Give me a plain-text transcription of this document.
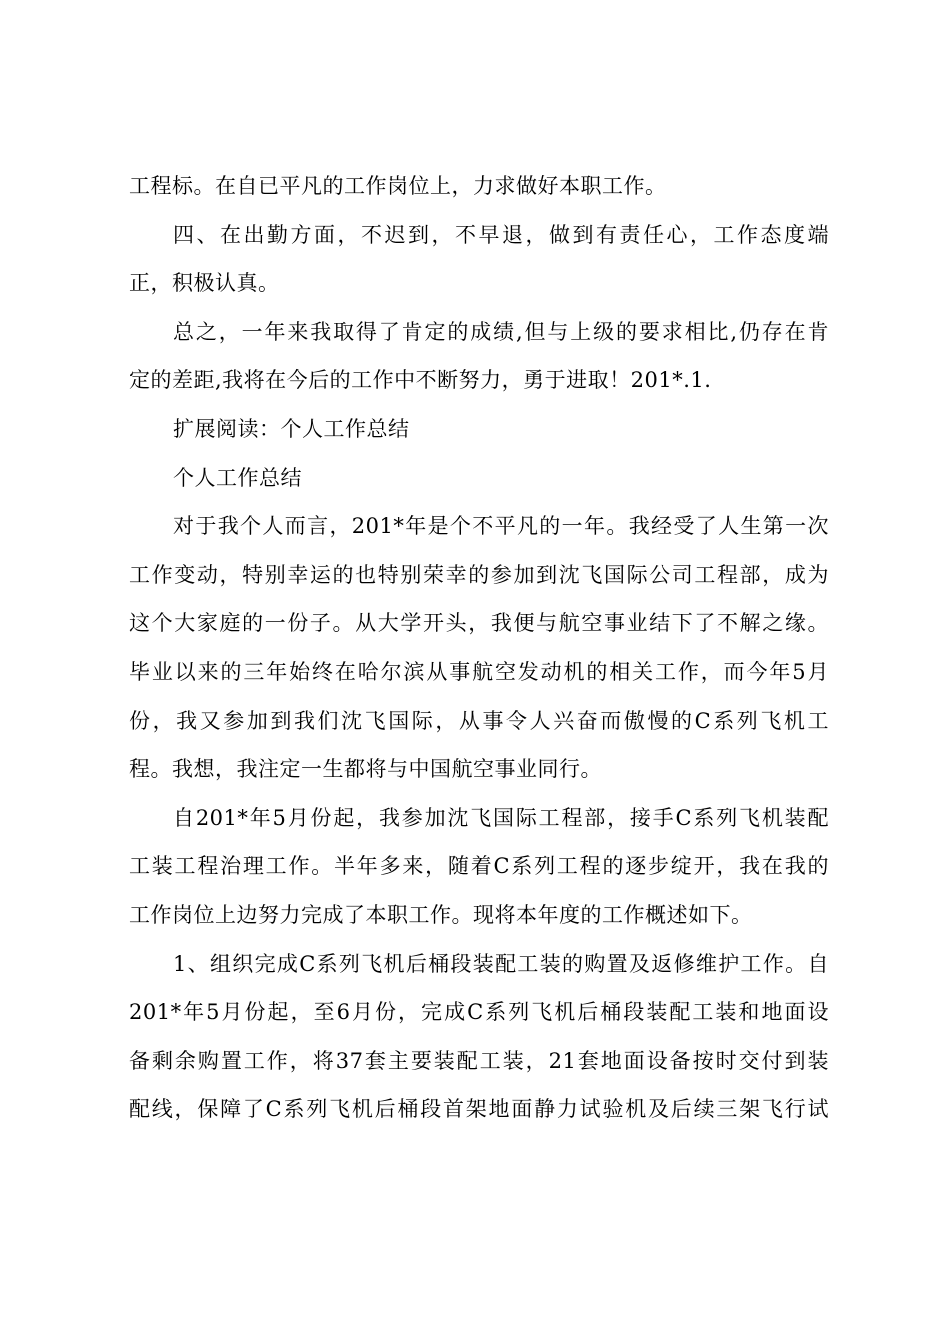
工程标。在自已平凡的工作岗位上，力求做好本职工作。
四、在出勤方面，不迟到，不早退，做到有责任心，工作态度端
正，积极认真。
总之，一年来我取得了肯定的成绩,但与上级的要求相比,仍存在肯
定的差距,我将在今后的工作中不断努力，勇于进取！201*.1.
扩展阅读：个人工作总结
个人工作总结
对于我个人而言，201*年是个不平凡的一年。我经受了人生第一次
工作变动，特别幸运的也特别荣幸的参加到沈飞国际公司工程部，成为
这个大家庭的一份子。从大学开头，我便与航空事业结下了不解之缘。
毕业以来的三年始终在哈尔滨从事航空发动机的相关工作，而今年5月
份，我又参加到我们沈飞国际，从事令人兴奋而傲慢的C系列飞机工
程。我想，我注定一生都将与中国航空事业同行。
自201*年5月份起，我参加沈飞国际工程部，接手C系列飞机装配
工装工程治理工作。半年多来，随着C系列工程的逐步绽开，我在我的
工作岗位上边努力完成了本职工作。现将本年度的工作概述如下。
1、组织完成C系列飞机后桶段装配工装的购置及返修维护工作。自
201*年5月份起，至6月份，完成C系列飞机后桶段装配工装和地面设
备剩余购置工作，将37套主要装配工装，21套地面设备按时交付到装
配线，保障了C系列飞机后桶段首架地面静力试验机及后续三架飞行试
